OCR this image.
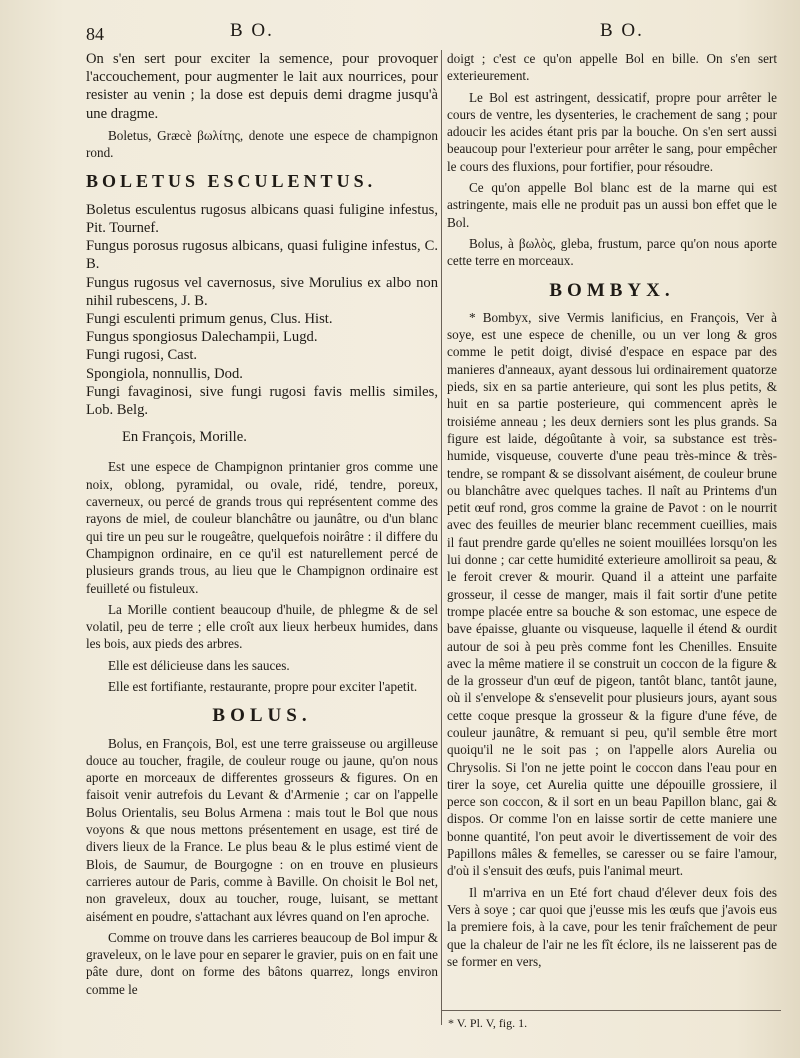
84	B O.	B O.

On s'en sert pour exciter la semence, pour provoquer l'accouchement, pour augmenter le lait aux nourrices, pour resister au venin ; la dose est depuis demi dragme jusqu'à une dragme.

Boletus, Græcè βωλίτης, denote une espece de champignon rond.

BOLETUS ESCULENTUS.

Boletus esculentus rugosus albicans quasi fuligine infestus, Pit. Tournef.

Fungus porosus rugosus albicans, quasi fuligine infestus, C. B.

Fungus rugosus vel cavernosus, sive Morulius ex albo non nihil rubescens, J. B.

Fungi esculenti primum genus, Clus. Hist.

Fungus spongiosus Dalechampii, Lugd.

Fungi rugosi, Cast.

Spongiola, nonnullis, Dod.

Fungi favaginosi, sive fungi rugosi favis mellis similes, Lob. Belg.

En François, Morille.

Est une espece de Champignon printanier gros comme une noix, oblong, pyramidal, ou ovale, ridé, tendre, poreux, caverneux, ou percé de grands trous qui représentent comme des rayons de miel, de couleur blanchâtre ou jaunâtre, ou d'un blanc qui tire un peu sur le rougeâtre, quelquefois noirâtre : il differe du Champignon ordinaire, en ce qu'il est naturellement percé de plusieurs grands trous, au lieu que le Champignon ordinaire est feuilleté ou fistuleux.

La Morille contient beaucoup d'huile, de phlegme & de sel volatil, peu de terre ; elle croît aux lieux herbeux humides, dans les bois, aux pieds des arbres.

Elle est délicieuse dans les sauces.

Elle est fortifiante, restaurante, propre pour exciter l'apetit.

BOLUS.

Bolus, en François, Bol, est une terre graisseuse ou argilleuse douce au toucher, fragile, de couleur rouge ou jaune, qu'on nous aporte en morceaux de differentes grosseurs & figures. On en faisoit venir autrefois du Levant & d'Armenie ; car on l'appelle Bolus Orientalis, seu Bolus Armena : mais tout le Bol que nous voyons & que nous mettons présentement en usage, est tiré de divers lieux de la France. Le plus beau & le plus estimé vient de Blois, de Saumur, de Bourgogne : on en trouve en plusieurs carrieres autour de Paris, comme à Baville. On choisit le Bol net, non graveleux, doux au toucher, rouge, luisant, se mettant aisément en poudre, s'attachant aux lévres quand on l'en aproche.

Comme on trouve dans les carrieres beaucoup de Bol impur & graveleux, on le lave pour en separer le gravier, puis on en fait une pâte dure, dont on forme des bâtons quarrez, longs environ comme le

doigt ; c'est ce qu'on appelle Bol en bille. On s'en sert exterieurement.

Le Bol est astringent, dessicatif, propre pour arrêter le cours de ventre, les dysenteries, le crachement de sang ; pour adoucir les acides étant pris par la bouche. On s'en sert aussi beaucoup pour l'exterieur pour arrêter le sang, pour empêcher le cours des fluxions, pour fortifier, pour résoudre.

Ce qu'on appelle Bol blanc est de la marne qui est astringente, mais elle ne produit pas un aussi bon effet que le Bol.

Bolus, à βωλὸς, gleba, frustum, parce qu'on nous aporte cette terre en morceaux.

BOMBYX.

* Bombyx, sive Vermis lanificius, en François, Ver à soye, est une espece de chenille, ou un ver long & gros comme le petit doigt, divisé d'espace en espace par des manieres d'anneaux, ayant dessous lui ordinairement quatorze pieds, six en sa partie anterieure, qui sont les plus petits, & huit en sa partie posterieure, qui commencent après le troisiéme anneau ; les deux derniers sont les plus grands. Sa figure est laide, dégoûtante à voir, sa substance est très-humide, visqueuse, couverte d'une peau très-mince & très-tendre, se rompant & se dissolvant aisément, de couleur brune ou blanchâtre avec quelques taches. Il naît au Printems d'un petit œuf rond, gros comme la graine de Pavot : on le nourrit avec des feuilles de meurier blanc recemment cueillies, mais il faut prendre garde qu'elles ne soient mouillées lorsqu'on les lui donne ; car cette humidité exterieure amolliroit sa peau, & le feroit crever & mourir. Quand il a atteint une parfaite grosseur, il cesse de manger, mais il fait sortir d'une petite trompe placée entre sa bouche & son estomac, une espece de bave épaisse, gluante ou visqueuse, laquelle il étend & ourdit autour de soi à peu près comme font les Chenilles. Ensuite avec la même matiere il se construit un coccon de la figure & de la grosseur d'un œuf de pigeon, tantôt blanc, tantôt jaune, où il s'envelope & s'ensevelit pour plusieurs jours, ayant sous cette coque presque la grosseur & la figure d'une féve, de couleur jaunâtre, & remuant si peu, qu'il semble être mort quoiqu'il ne le soit pas ; on l'appelle alors Aurelia ou Chrysolis. Si l'on ne jette point le coccon dans l'eau pour en tirer la soye, cet Aurelia quitte une dépouille grossiere, il perce son coccon, & il sort en un beau Papillon blanc, gai & dispos. Or comme l'on en laisse sortir de cette maniere une bonne quantité, l'on peut avoir le divertissement de voir des Papillons mâles & femelles, se caresser ou se faire l'amour, d'où il s'ensuit des œufs, puis l'animal meurt.

Il m'arriva en un Eté fort chaud d'élever deux fois des Vers à soye ; car quoi que j'eusse mis les œufs que j'avois eus la premiere fois, à la cave, pour les tenir fraîchement de peur que la chaleur de l'air ne les fît éclore, ils ne laisserent pas de se former en vers,

* V. Pl. V, fig. 1.
